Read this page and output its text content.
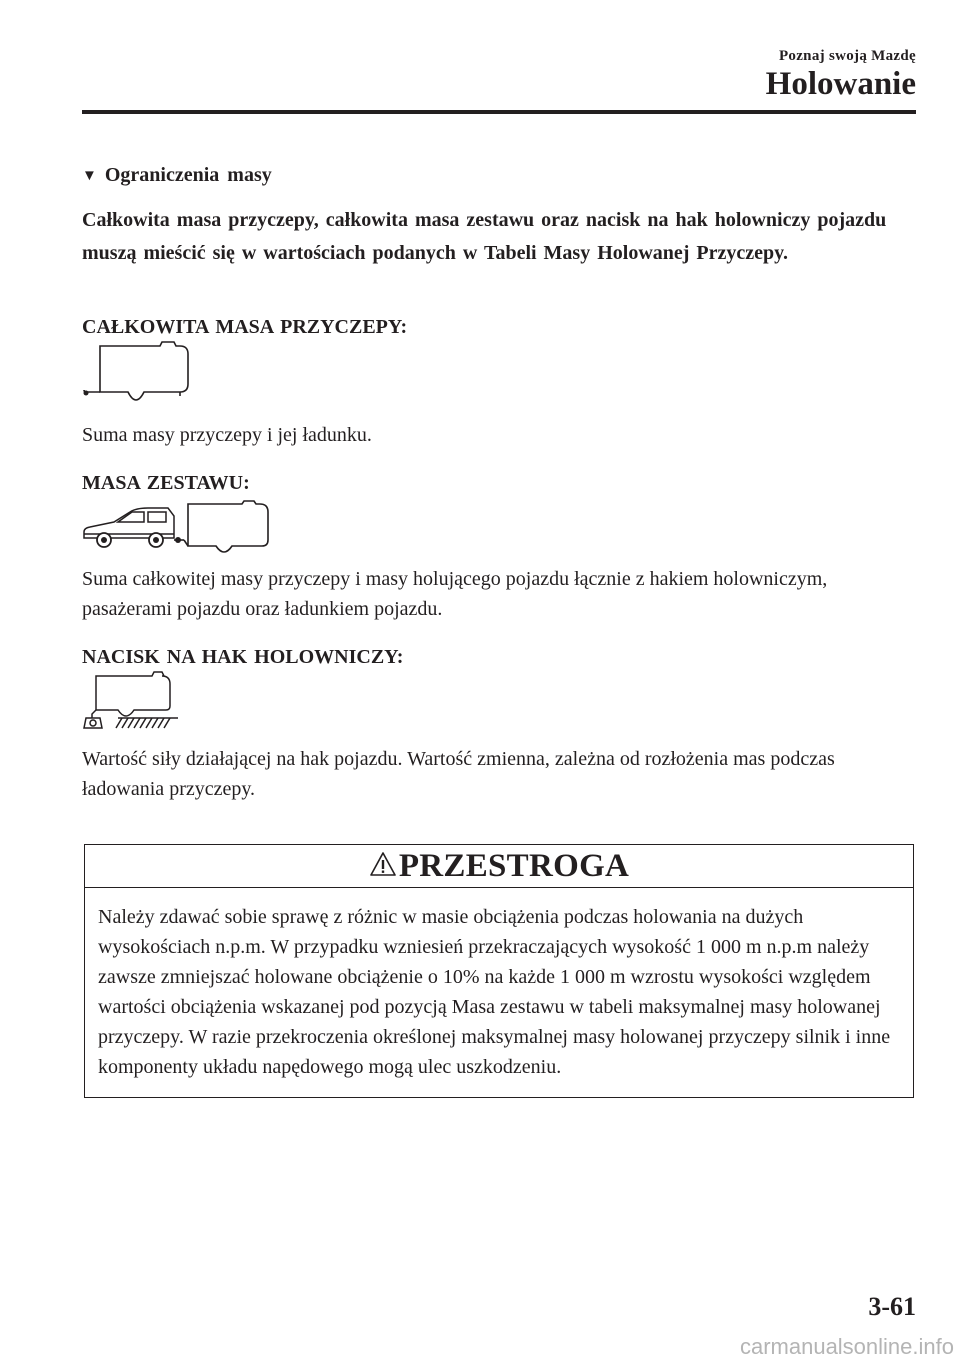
Poznaj swoją Mazdę
Holowanie
▼ Ograniczenia masy

Całkowita masa przyczepy, całkowita masa zestawu oraz nacisk na hak holowniczy pojazdu muszą mieścić się w wartościach podanych w Tabeli Masy Holowanej Przyczepy.

CAŁKOWITA MASA PRZYCZEPY:

Suma masy przyczepy i jej ładunku.

MASA ZESTAWU:

Suma całkowitej masy przyczepy i masy holującego pojazdu łącznie z hakiem holowniczym, pasażerami pojazdu oraz ładunkiem pojazdu.

NACISK NA HAK HOLOWNICZY:

Wartość siły działającej na hak pojazdu. Wartość zmienna, zależna od rozłożenia mas podczas ładowania przyczepy.

PRZESTROGA

Należy zdawać sobie sprawę z różnic w masie obciążenia podczas holowania na dużych wysokościach n.p.m. W przypadku wzniesień przekraczających wysokość 1 000 m n.p.m należy zawsze zmniejszać holowane obciążenie o 10% na każde 1 000 m wzrostu wysokości względem wartości obciążenia wskazanej pod pozycją Masa zestawu w tabeli maksymalnej masy holowanej przyczepy. W razie przekroczenia określonej maksymalnej masy holowanej przyczepy silnik i inne komponenty układu napędowego mogą ulec uszkodzeniu.

3-61
carmanualsonline.info
